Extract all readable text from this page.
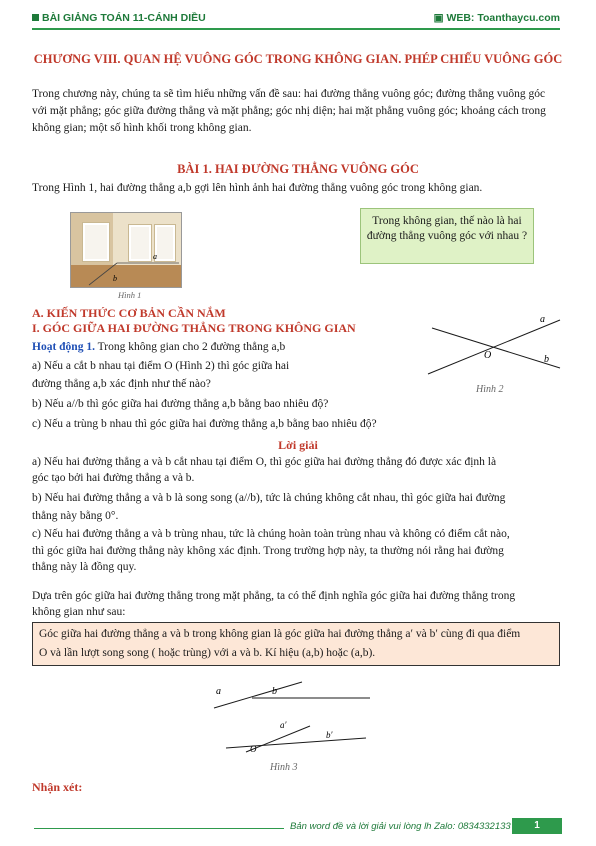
BÀI GIẢNG TOÁN 11-CÁNH DIỀU	▣ WEB: Toanthaycu.com
CHƯƠNG VIII. QUAN HỆ VUÔNG GÓC TRONG KHÔNG GIAN. PHÉP CHIẾU VUÔNG GÓC
Trong chương này, chúng ta sẽ tìm hiểu những vấn đề sau: hai đường thẳng vuông góc; đường thẳng vuông góc với mặt phẳng; góc giữa đường thẳng và mặt phẳng; góc nhị diện; hai mặt phẳng vuông góc; khoảng cách trong không gian; một số hình khối trong không gian.
BÀI 1. HAI ĐƯỜNG THẲNG VUÔNG GÓC
Trong Hình 1, hai đường thẳng a,b gợi lên hình ảnh hai đường thẳng vuông góc trong không gian.
a
b
Hình 1
Trong không gian, thế nào là hai đường thẳng vuông góc với nhau ?
A. KIẾN THỨC CƠ BẢN CẦN NẮM
I. GÓC GIỮA HAI ĐƯỜNG THẲNG TRONG KHÔNG GIAN
Hoạt động 1. Trong không gian cho 2 đường thẳng a,b
a) Nếu a cắt b nhau tại điểm O (Hình 2) thì góc giữa hai
đường thẳng a,b xác định như thế nào?
b) Nếu a//b thì góc giữa hai đường thẳng a,b bằng bao nhiêu độ?
c) Nếu a trùng b nhau thì góc giữa hai đường thẳng a,b bằng bao nhiêu độ?
a
b
O
Hình 2
Lời giải
a) Nếu hai đường thẳng a và b cắt nhau tại điểm O, thì góc giữa hai đường thẳng đó được xác định là
góc tạo bởi hai đường thẳng a và b.
b) Nếu hai đường thẳng a và b là song song (a//b), tức là chúng không cắt nhau, thì góc giữa hai đường
thẳng này bằng 0°.
c) Nếu hai đường thẳng a và b trùng nhau, tức là chúng hoàn toàn trùng nhau và không có điểm cắt nào,
thì góc giữa hai đường thẳng này không xác định. Trong trường hợp này, ta thường nói rằng hai đường
thẳng này là đồng quy.
Dựa trên góc giữa hai đường thẳng trong mặt phẳng, ta có thể định nghĩa góc giữa hai đường thẳng trong
không gian như sau:
Góc giữa hai đường thẳng a và b trong không gian là góc giữa hai đường thẳng a′ và b′ cùng đi qua điểm
O và lần lượt song song ( hoặc trùng) với a và b. Kí hiệu (a,b) hoặc (a,b).
a	b
a′
b′
O
Hình 3
Nhận xét:
Bản word đề và lời giải vui lòng lh Zalo: 0834332133	1
